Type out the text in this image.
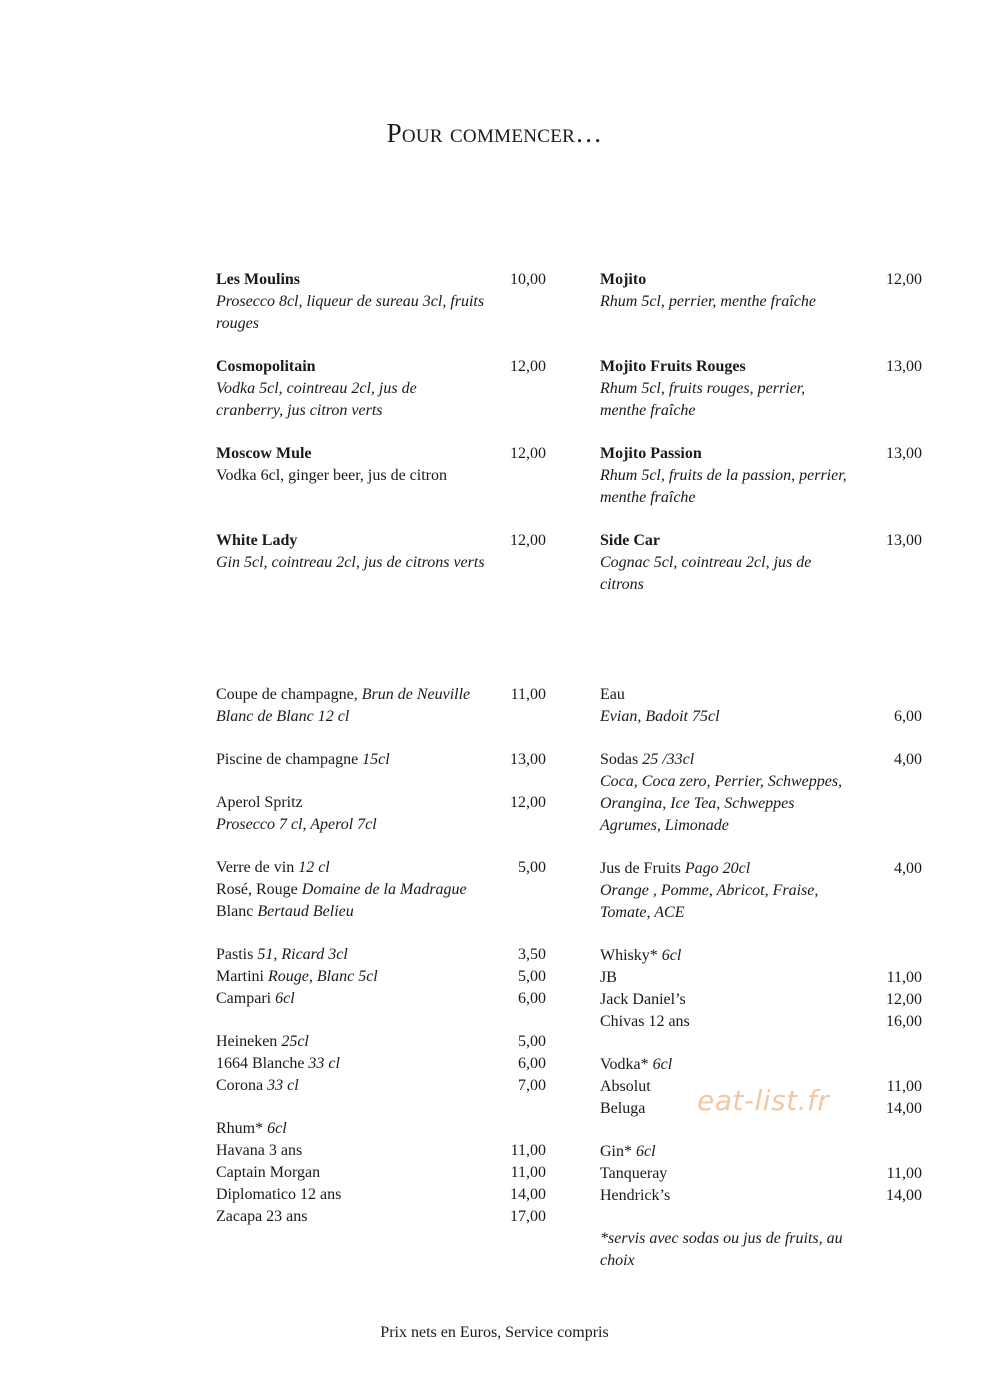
Pour commencer…
Les Moulins	10,00
Prosecco 8cl, liqueur de sureau 3cl, fruits rouges
Cosmopolitain	12,00
Vodka 5cl, cointreau 2cl, jus de cranberry, jus citron verts
Moscow Mule	12,00
Vodka 6cl, ginger beer, jus de citron
White Lady	12,00
Gin 5cl, cointreau 2cl, jus de citrons verts
Mojito	12,00
Rhum 5cl, perrier, menthe fraîche
Mojito Fruits Rouges	13,00
Rhum 5cl, fruits rouges, perrier, menthe fraîche
Mojito Passion	13,00
Rhum 5cl, fruits de la passion, perrier, menthe fraîche
Side Car	13,00
Cognac 5cl, cointreau 2cl, jus de citrons
Coupe de champagne, Brun de Neuville	11,00
Blanc de Blanc 12 cl
Piscine de champagne 15cl	13,00
Aperol Spritz	12,00
Prosecco 7 cl, Aperol 7cl
Verre de vin 12 cl	5,00
Rosé, Rouge Domaine de la Madrague
Blanc Bertaud Belieu
Pastis 51, Ricard 3cl	3,50
Martini Rouge, Blanc 5cl	5,00
Campari 6cl	6,00
Heineken 25cl	5,00
1664 Blanche 33 cl	6,00
Corona 33 cl	7,00
Rhum* 6cl
Havana 3 ans	11,00
Captain Morgan	11,00
Diplomatico 12 ans	14,00
Zacapa 23 ans	17,00
Eau
Evian, Badoit 75cl	6,00
Sodas 25 /33cl	4,00
Coca, Coca zero, Perrier, Schweppes, Orangina, Ice Tea, Schweppes Agrumes, Limonade
Jus de Fruits Pago 20cl	4,00
Orange , Pomme, Abricot, Fraise, Tomate, ACE
Whisky* 6cl
JB	11,00
Jack Daniel’s	12,00
Chivas 12 ans	16,00
Vodka* 6cl
Absolut	11,00
Beluga	14,00
Gin* 6cl
Tanqueray	11,00
Hendrick’s	14,00
*servis avec sodas ou jus de fruits, au choix
eat-list.fr
Prix nets en Euros, Service compris
